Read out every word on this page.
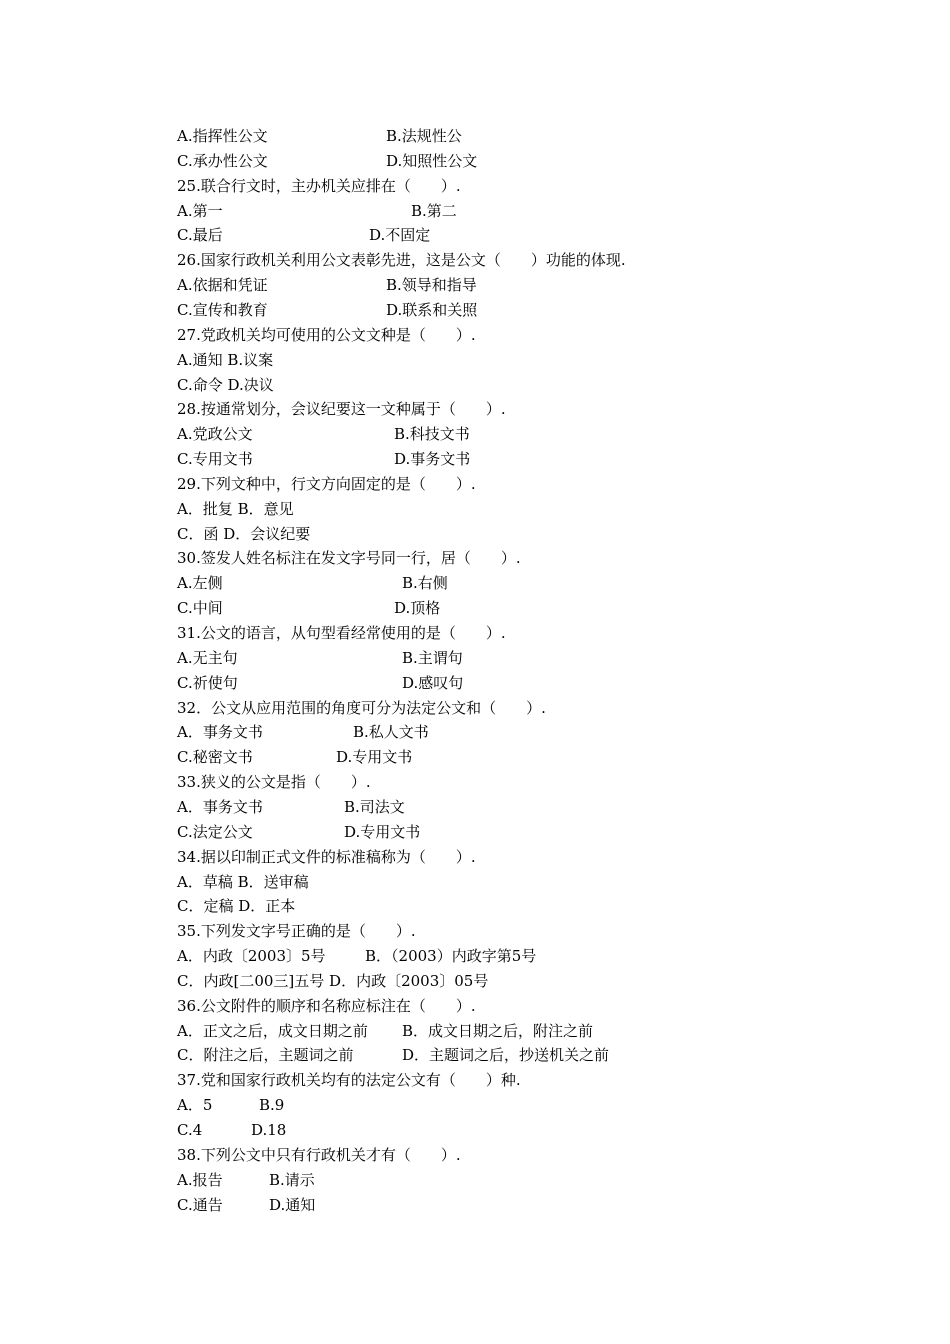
A.指挥性公文	B.法规性公
C.承办性公文	D.知照性公文
25.联合行文时，主办机关应排在（　　）.
A.第一	B.第二
C.最后	D.不固定
26.国家行政机关利用公文表彰先进，这是公文（　　）功能的体现.
A.依据和凭证	B.领导和指导
C.宣传和教育	D.联系和关照
27.党政机关均可使用的公文文种是（　　）.
A.通知 B.议案
C.命令 D.决议
28.按通常划分，会议纪要这一文种属于（　　）.
A.党政公文	B.科技文书
C.专用文书	D.事务文书
29.下列文种中，行文方向固定的是（　　）.
A．批复 B．意见
C．函 D．会议纪要
30.签发人姓名标注在发文字号同一行，居（　　）.
A.左侧	B.右侧
C.中间	D.顶格
31.公文的语言，从句型看经常使用的是（　　）.
A.无主句	B.主谓句
C.祈使句	D.感叹句
32．公文从应用范围的角度可分为法定公文和（　　）.
A．事务文书	B.私人文书
C.秘密文书	D.专用文书
33.狭义的公文是指（　　）.
A．事务文书	B.司法文
C.法定公文	D.专用文书
34.据以印制正式文件的标准稿称为（　　）.
A．草稿 B．送审稿
C．定稿 D．正本
35.下列发文字号正确的是（　　）.
A．内政〔2003〕5号	B．（2003）内政字第5号
C．内政[二00三]五号 D．内政〔2003〕05号
36.公文附件的顺序和名称应标注在（　　）.
A．正文之后，成文日期之前 B．成文日期之后，附注之前
C．附注之后，主题词之前	D．主题词之后，抄送机关之前
37.党和国家行政机关均有的法定公文有（　　）种.
A．5	B.9
C.4	D.18
38.下列公文中只有行政机关才有（　　）.
A.报告	B.请示
C.通告	D.通知
